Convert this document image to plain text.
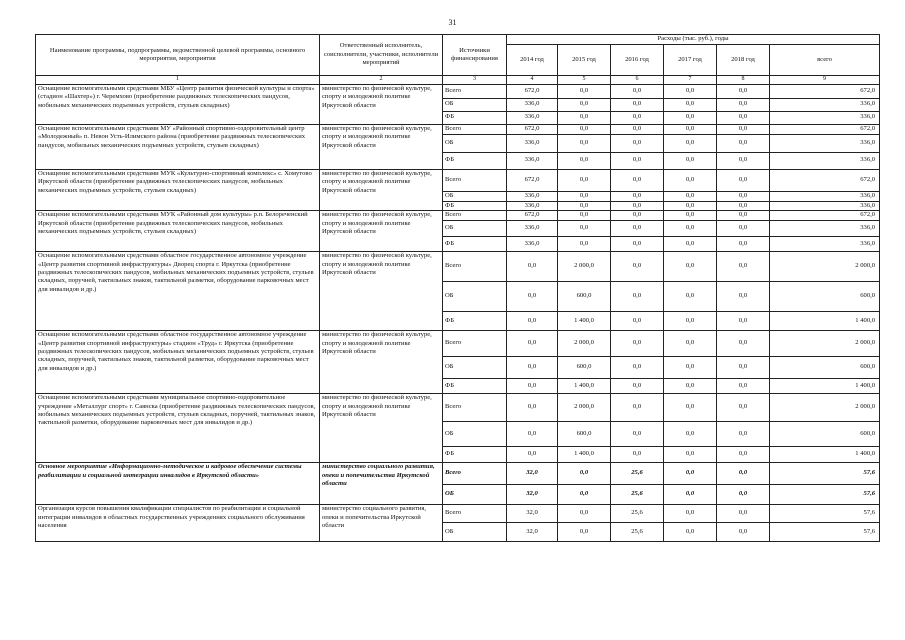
31
Наименование программы, подпрограммы, ведомственной целевой программы, основного мероприятия, мероприятия	Ответственный исполнитель, соисполнители, участники, исполнители мероприятий	Источники финансирования	Расходы (тыс. руб.), годы					
			2014 год	2015 год	2016 год	2017 год	2018 год	всего
1	2	3	4	5	6	7	8	9
Оснащение вспомогательными средствами МБУ «Центр развития физической культуры и спорта» (стадион «Шахтер») г. Черемхово (приобретение раздвижных телескопических пандусов, мобильных механических подъемных устройств, стульев складных)	министерство по физической культуре, спорту и молодежной политике Иркутской области	Всего	672,0	0,0	0,0	0,0	0,0	672,0
		ОБ	336,0	0,0	0,0	0,0	0,0	336,0
		ФБ	336,0	0,0	0,0	0,0	0,0	336,0
Оснащение вспомогательными средствами МУ «Районный спортивно-оздоровительный центр «Молодежный» п. Невон Усть-Илимского района (приобретение раздвижных телескопических пандусов, мобильных механических подъемных устройств, стульев складных)	министерство по физической культуре, спорту и молодежной политике Иркутской области	Всего	672,0	0,0	0,0	0,0	0,0	672,0
		ОБ	336,0	0,0	0,0	0,0	0,0	336,0
		ФБ	336,0	0,0	0,0	0,0	0,0	336,0
Оснащение вспомогательными средствами МУК «Культурно-спортивный комплекс» с. Хомутово Иркутской области (приобретение раздвижных телескопических пандусов, мобильных механических подъемных устройств, стульев складных)	министерство по физической культуре, спорту и молодежной политике Иркутской области	Всего	672,0	0,0	0,0	0,0	0,0	672,0
		ОБ	336,0	0,0	0,0	0,0	0,0	336,0
		ФБ	336,0	0,0	0,0	0,0	0,0	336,0
Оснащение вспомогательными средствами МУК «Районный дом культуры» р.п. Белореченский Иркутской области (приобретение раздвижных телескопических пандусов, мобильных механических подъемных устройств, стульев складных)	министерство по физической культуре, спорту и молодежной политике Иркутской области	Всего	672,0	0,0	0,0	0,0	0,0	672,0
		ОБ	336,0	0,0	0,0	0,0	0,0	336,0
		ФБ	336,0	0,0	0,0	0,0	0,0	336,0
Оснащение вспомогательными средствами областное государственное автономное учреждение «Центр развития спортивной инфраструктуры» Дворец спорта г. Иркутска (приобретение раздвижных телескопических пандусов, мобильных механических подъемных устройств, стульев складных, поручней, тактильных знаков, тактильной разметки, оборудование парковочных мест для инвалидов и др.)	министерство по физической культуре, спорту и молодежной политике Иркутской области	Всего	0,0	2 000,0	0,0	0,0	0,0	2 000,0
		ОБ	0,0	600,0	0,0	0,0	0,0	600,0
		ФБ	0,0	1 400,0	0,0	0,0	0,0	1 400,0
Оснащение вспомогательными средствами областное государственное автономное учреждение «Центр развития спортивной инфраструктуры» стадион «Труд» г. Иркутска (приобретение раздвижных телескопических пандусов, мобильных механических подъемных устройств, стульев складных, поручней, тактильных знаков, тактильной разметки, оборудование парковочных мест для инвалидов и др.)	министерство по физической культуре, спорту и молодежной политике Иркутской области	Всего	0,0	2 000,0	0,0	0,0	0,0	2 000,0
		ОБ	0,0	600,0	0,0	0,0	0,0	600,0
		ФБ	0,0	1 400,0	0,0	0,0	0,0	1 400,0
Оснащение вспомогательными средствами муниципальное спортивно-оздоровительное учреждение «Металлург спорт» г. Саянска (приобретение раздвижных телескопических пандусов, мобильных механических подъемных устройств, стульев складных, поручней, тактильных знаков, тактильной разметки, оборудование парковочных мест для инвалидов и др.)	министерство по физической культуре, спорту и молодежной политике Иркутской области	Всего	0,0	2 000,0	0,0	0,0	0,0	2 000,0
		ОБ	0,0	600,0	0,0	0,0	0,0	600,0
		ФБ	0,0	1 400,0	0,0	0,0	0,0	1 400,0
Основное мероприятие «Информационно-методическое и кадровое обеспечение системы реабилитации и социальной интеграции инвалидов в Иркутской области»	министерство социального развития, опеки и попечительства Иркутской области	Всего	32,0	0,0	25,6	0,0	0,0	57,6
		ОБ	32,0	0,0	25,6	0,0	0,0	57,6
Организация курсов повышения квалификации специалистов по реабилитации и социальной интеграции инвалидов в областных государственных учреждениях социального обслуживания населения	министерство социального развития, опеки и попечительства Иркутской области	Всего	32,0	0,0	25,6	0,0	0,0	57,6
		ОБ	32,0	0,0	25,6	0,0	0,0	57,6
